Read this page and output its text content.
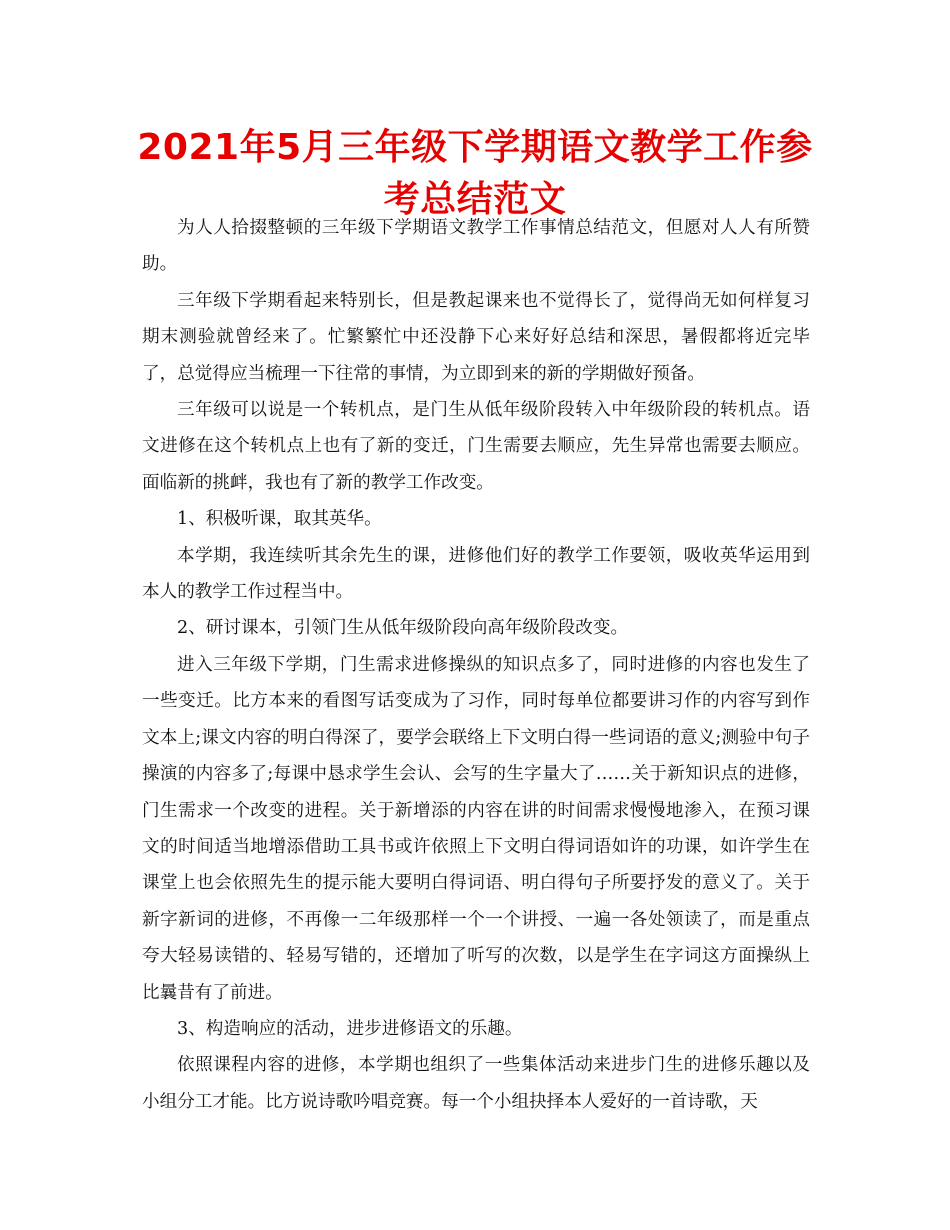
2021年5月三年级下学期语文教学工作参考总结范文

为人人拾掇整顿的三年级下学期语文教学工作事情总结范文，但愿对人人有所赞助。

三年级下学期看起来特别长，但是教起课来也不觉得长了，觉得尚无如何样复习期末测验就曾经来了。忙繁繁忙中还没静下心来好好总结和深思，暑假都将近完毕了，总觉得应当梳理一下往常的事情，为立即到来的新的学期做好预备。

三年级可以说是一个转机点，是门生从低年级阶段转入中年级阶段的转机点。语文进修在这个转机点上也有了新的变迁，门生需要去顺应，先生异常也需要去顺应。面临新的挑衅，我也有了新的教学工作改变。

1、积极听课，取其英华。

本学期，我连续听其余先生的课，进修他们好的教学工作要领，吸收英华运用到本人的教学工作过程当中。

2、研讨课本，引领门生从低年级阶段向高年级阶段改变。

进入三年级下学期，门生需求进修操纵的知识点多了，同时进修的内容也发生了一些变迁。比方本来的看图写话变成为了习作，同时每单位都要讲习作的内容写到作文本上;课文内容的明白得深了，要学会联络上下文明白得一些词语的意义;测验中句子操演的内容多了;每课中恳求学生会认、会写的生字量大了……关于新知识点的进修，门生需求一个改变的进程。关于新增添的内容在讲的时间需求慢慢地渗入，在预习课文的时间适当地增添借助工具书或许依照上下文明白得词语如许的功课，如许学生在课堂上也会依照先生的提示能大要明白得词语、明白得句子所要抒发的意义了。关于新字新词的进修，不再像一二年级那样一个一个讲授、一遍一各处领读了，而是重点夸大轻易读错的、轻易写错的，还增加了听写的次数，以是学生在字词这方面操纵上比曩昔有了前进。

3、构造响应的活动，进步进修语文的乐趣。

依照课程内容的进修，本学期也组织了一些集体活动来进步门生的进修乐趣以及小组分工才能。比方说诗歌吟唱竞赛。每一个小组抉择本人爱好的一首诗歌，天
